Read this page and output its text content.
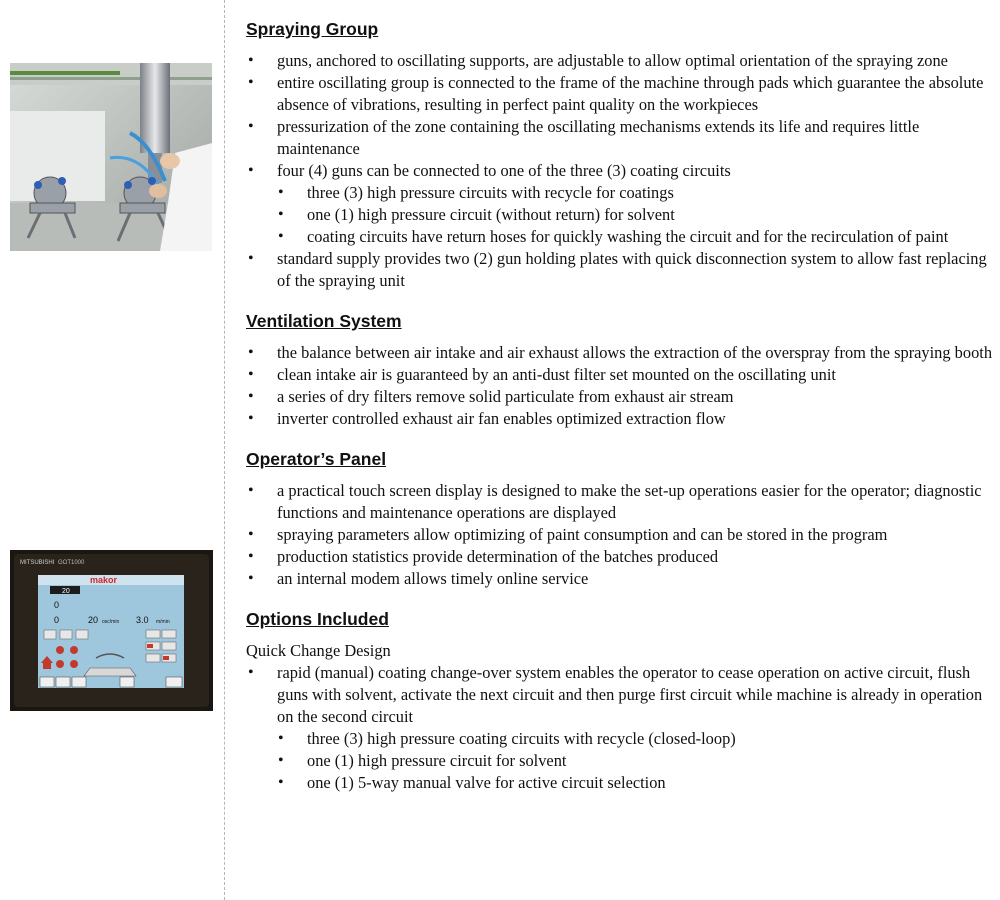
MITSUBISHI GOT1000
makor
20
0
0	20	3.0 m/min
osc/min
Spraying Group
• guns, anchored to oscillating supports, are adjustable to allow optimal orientation of the spraying zone
• entire oscillating group is connected to the frame of the machine through pads which guarantee the absolute absence of vibrations, resulting in perfect paint quality on the workpieces
• pressurization of the zone containing the oscillating mechanisms extends its life and requires little maintenance
• four (4) guns can be connected to one of the three (3) coating circuits
• three (3) high pressure circuits with recycle for coatings
• one (1) high pressure circuit (without return) for solvent
• coating circuits have return hoses for quickly washing the circuit and for the recirculation of paint
• standard supply provides two (2) gun holding plates with quick disconnection system to allow fast replacing of the spraying unit
Ventilation System
• the balance between air intake and air exhaust allows the extraction of the overspray from the spraying booth
• clean intake air is guaranteed by an anti-dust filter set mounted on the oscillating unit
• a series of dry filters remove solid particulate from exhaust air stream
• inverter controlled exhaust air fan enables optimized extraction flow
Operator’s Panel
• a practical touch screen display is designed to make the set-up operations easier for the operator; diagnostic functions and maintenance operations are displayed
• spraying parameters allow optimizing of paint consumption and can be stored in the program
• production statistics provide determination of the batches produced
• an internal modem allows timely online service
Options Included
Quick Change Design
• rapid (manual) coating change-over system enables the operator to cease operation on active circuit, flush guns with solvent, activate the next circuit and then purge first circuit while machine is already in operation on the second circuit
• three (3) high pressure coating circuits with recycle (closed-loop)
• one (1) high pressure circuit for solvent
• one (1) 5-way manual valve for active circuit selection
